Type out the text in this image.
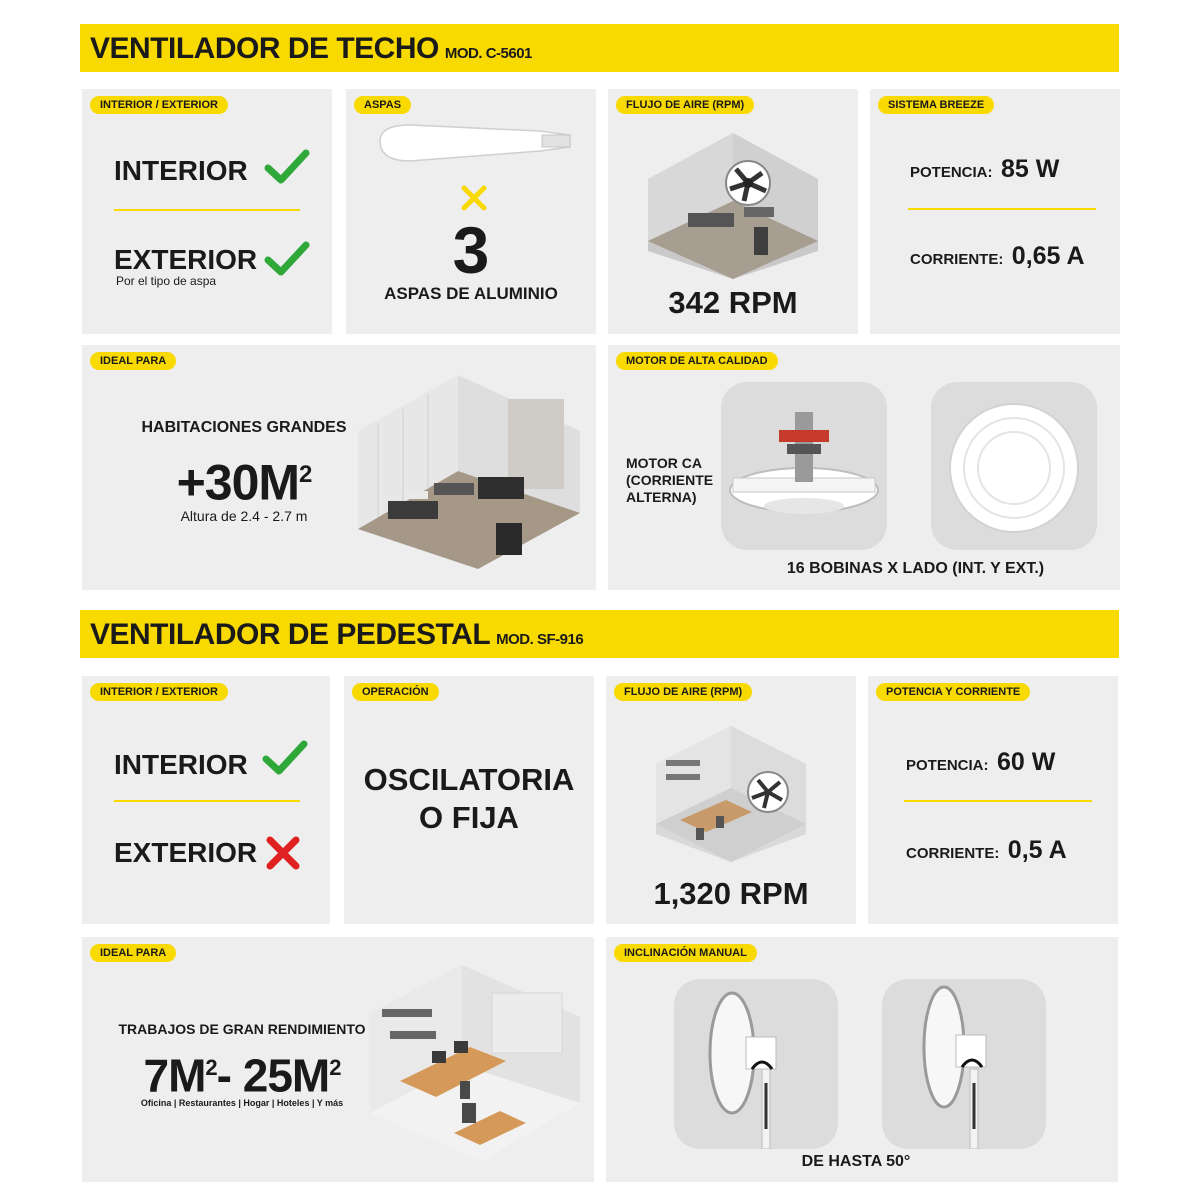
VENTILADOR DE TECHO MOD. C-5601
INTERIOR / EXTERIOR
INTERIOR
EXTERIOR
Por el tipo de aspa
ASPAS
3
ASPAS DE ALUMINIO
FLUJO DE AIRE (RPM)
342 RPM
SISTEMA BREEZE
POTENCIA: 85 W
CORRIENTE: 0,65 A
IDEAL PARA
HABITACIONES GRANDES
$+30M^2$
Altura de 2.4 - 2.7 m
MOTOR DE ALTA CALIDAD
MOTOR CA
(CORRIENTE
ALTERNA)
16 BOBINAS X LADO (INT. Y EXT.)
VENTILADOR DE PEDESTAL MOD. SF-916
INTERIOR / EXTERIOR
INTERIOR
EXTERIOR
OPERACIÓN
OSCILATORIA
O FIJA
FLUJO DE AIRE (RPM)
1,320 RPM
POTENCIA Y CORRIENTE
POTENCIA: 60 W
CORRIENTE: 0,5 A
IDEAL PARA
TRABAJOS DE GRAN RENDIMIENTO
$7M^2-$ $25M^2$
Oficina | Restaurantes | Hogar | Hoteles | Y más
INCLINACIÓN MANUAL
DE HASTA 50°
